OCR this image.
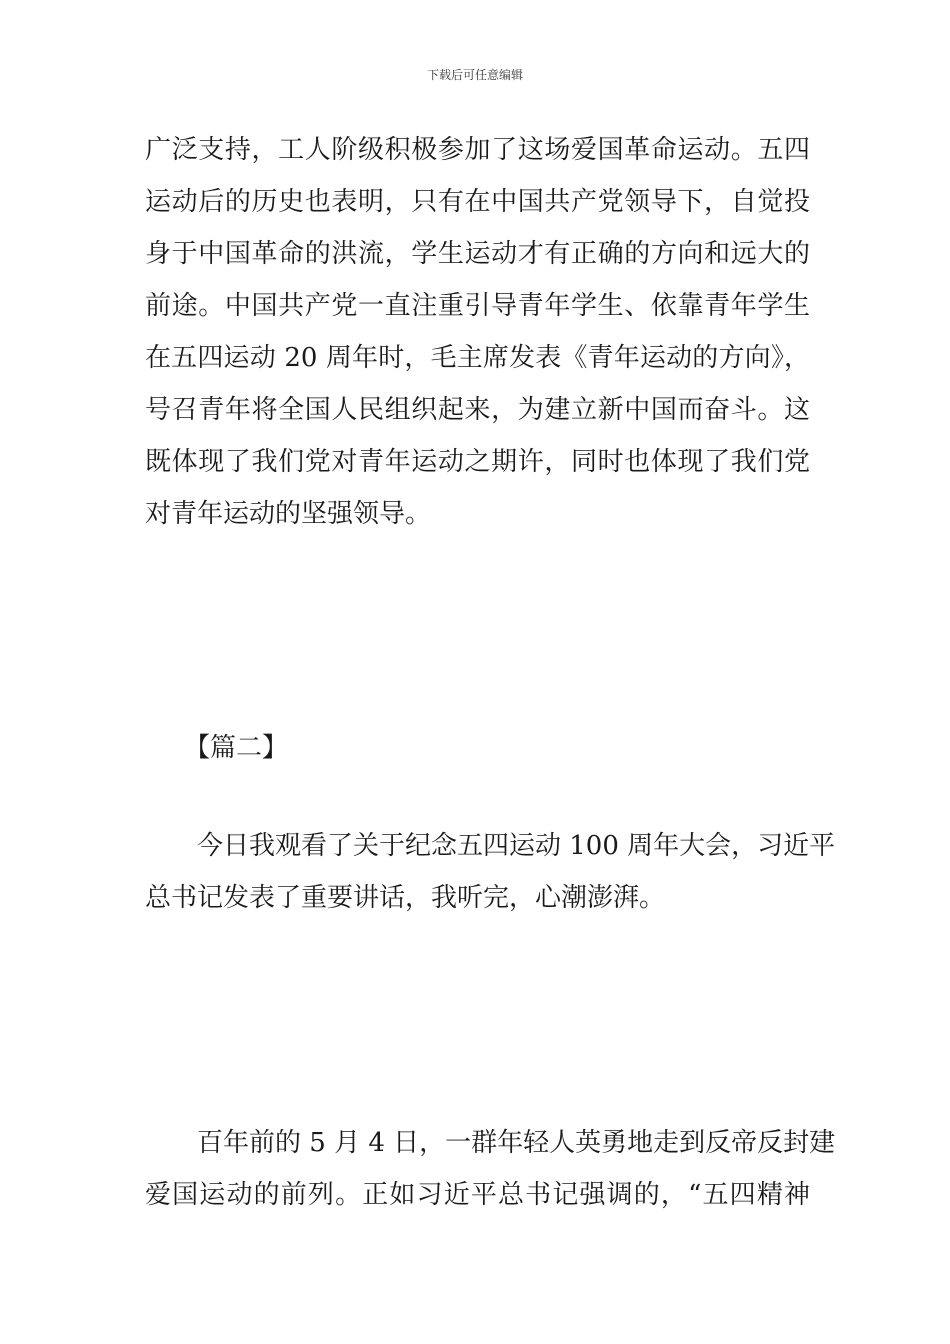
下载后可任意编辑
广泛支持，工人阶级积极参加了这场爱国革命运动。五四
运动后的历史也表明，只有在中国共产党领导下，自觉投
身于中国革命的洪流，学生运动才有正确的方向和远大的
前途。中国共产党一直注重引导青年学生、依靠青年学生
在五四运动 20 周年时，毛主席发表《青年运动的方向》，
号召青年将全国人民组织起来，为建立新中国而奋斗。这
既体现了我们党对青年运动之期许，同时也体现了我们党
对青年运动的坚强领导。
【篇二】
今日我观看了关于纪念五四运动 100 周年大会，习近平
总书记发表了重要讲话，我听完，心潮澎湃。
百年前的 5 月 4 日，一群年轻人英勇地走到反帝反封建
爱国运动的前列。正如习近平总书记强调的，“五四精神
